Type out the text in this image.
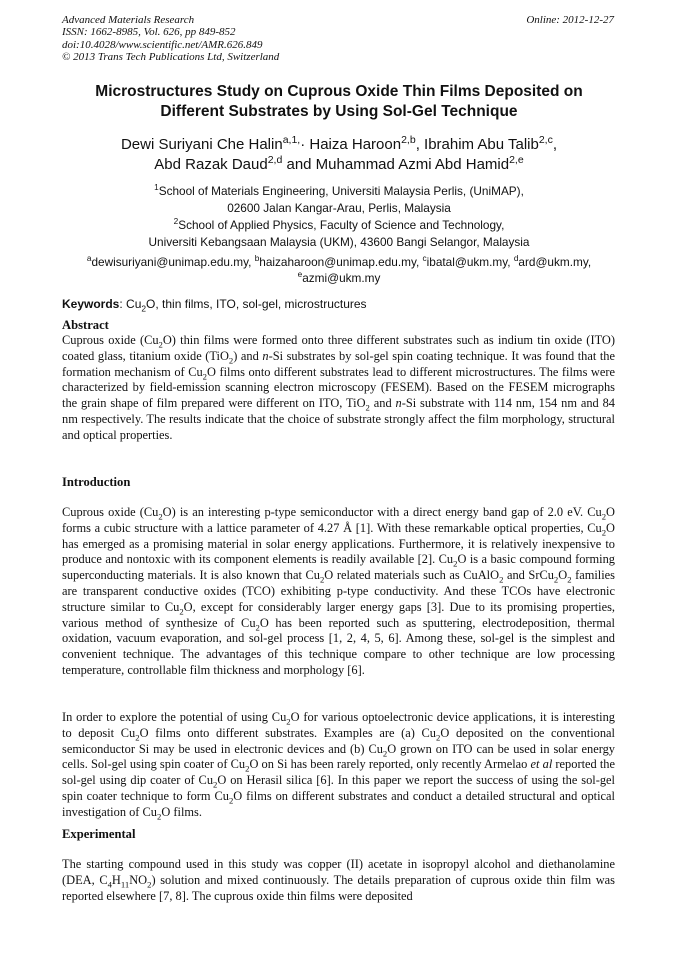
Advanced Materials Research
ISSN: 1662-8985, Vol. 626, pp 849-852
doi:10.4028/www.scientific.net/AMR.626.849
© 2013 Trans Tech Publications Ltd, Switzerland
Online: 2012-12-27
Microstructures Study on Cuprous Oxide Thin Films Deposited on
Different Substrates by Using Sol-Gel Technique
Dewi Suriyani Che Halin$^{a,1,}$· Haiza Haroon$^{2,b}$, Ibrahim Abu Talib$^{2,c}$,
Abd Razak Daud$^{2,d}$ and Muhammad Azmi Abd Hamid$^{2,e}$
$^1$School of Materials Engineering, Universiti Malaysia Perlis, (UniMAP),
02600 Jalan Kangar-Arau, Perlis, Malaysia
$^2$School of Applied Physics, Faculty of Science and Technology,
Universiti Kebangsaan Malaysia (UKM), 43600 Bangi Selangor, Malaysia
$^a$dewisuriyani@unimap.edu.my, $^b$haizaharoon@unimap.edu.my, $^c$ibatal@ukm.my, $^d$ard@ukm.my,
$^e$azmi@ukm.my
Keywords: $Cu_2O$, thin films, ITO, sol-gel, microstructures
Abstract
Cuprous oxide $(Cu_2O)$ thin films were formed onto three different substrates such as indium tin oxide (ITO) coated glass, titanium oxide (TiO$_2$) and n-Si substrates by sol-gel spin coating technique. It was found that the formation mechanism of $Cu_2O$ films onto different substrates lead to different microstructures. The films were characterized by field-emission scanning electron microscopy (FESEM). Based on the FESEM micrographs the grain shape of film prepared were different on ITO, TiO$_2$ and n-Si substrate with 114 nm, 154 nm and 84 nm respectively. The results indicate that the choice of substrate strongly affect the film morphology, structural and optical properties.
Introduction
Cuprous oxide $(Cu_2O)$ is an interesting p-type semiconductor with a direct energy band gap of 2.0 eV. $Cu_2O$ forms a cubic structure with a lattice parameter of 4.27 Å [1]. With these remarkable optical properties, $Cu_2O$ has emerged as a promising material in solar energy applications. Furthermore, it is relatively inexpensive to produce and nontoxic with its component elements is readily available [2]. $Cu_2O$ is a basic compound forming superconducting materials. It is also known that $Cu_2O$ related materials such as CuAlO$_2$ and $SrCu_2O_2$ families are transparent conductive oxides (TCO) exhibiting p-type conductivity. And these TCOs have electronic structure similar to $Cu_2O$, except for considerably larger energy gaps [3]. Due to its promising properties, various method of synthesize of $Cu_2O$ has been reported such as sputtering, electrodeposition, thermal oxidation, vacuum evaporation, and sol-gel process [1, 2, 4, 5, 6]. Among these, sol-gel is the simplest and convenient technique. The advantages of this technique compare to other technique are low processing temperature, controllable film thickness and morphology [6].
In order to explore the potential of using $Cu_2O$ for various optoelectronic device applications, it is interesting to deposit $Cu_2O$ films onto different substrates. Examples are (a) $Cu_2O$ deposited on the conventional semiconductor Si may be used in electronic devices and (b) $Cu_2O$ grown on ITO can be used in solar energy cells. Sol-gel using spin coater of $Cu_2O$ on Si has been rarely reported, only recently Armelao et al reported the sol-gel using dip coater of $Cu_2O$ on Herasil silica [6]. In this paper we report the success of using the sol-gel spin coater technique to form $Cu_2O$ films on different substrates and conduct a detailed structural and optical investigation of $Cu_2O$ films.
Experimental
The starting compound used in this study was copper (II) acetate in isopropyl alcohol and diethanolamine (DEA, $C_4H_{11}NO_2$) solution and mixed continuously. The details preparation of cuprous oxide thin film was reported elsewhere [7, 8]. The cuprous oxide thin films were deposited
